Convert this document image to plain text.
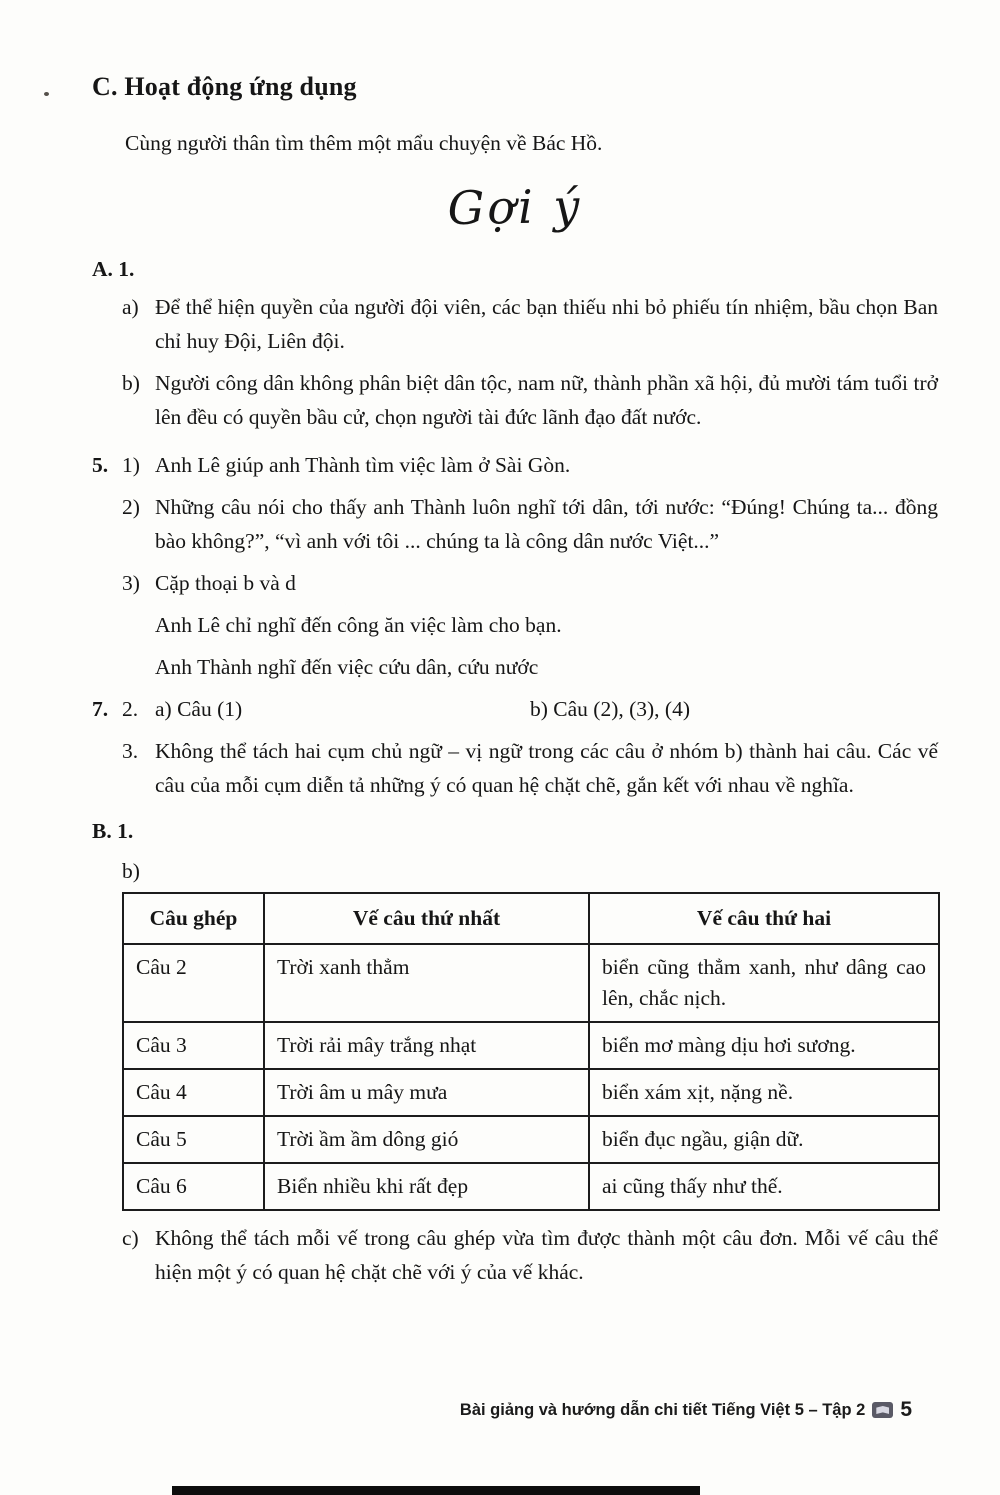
C. Hoạt động ứng dụng

Cùng người thân tìm thêm một mẩu chuyện về Bác Hồ.

Gợi ý
A. 1.
a) Để thể hiện quyền của người đội viên, các bạn thiếu nhi bỏ phiếu tín nhiệm, bầu chọn Ban chỉ huy Đội, Liên đội.
b) Người công dân không phân biệt dân tộc, nam nữ, thành phần xã hội, đủ mười tám tuổi trở lên đều có quyền bầu cử, chọn người tài đức lãnh đạo đất nước.
5. 1) Anh Lê giúp anh Thành tìm việc làm ở Sài Gòn.
2) Những câu nói cho thấy anh Thành luôn nghĩ tới dân, tới nước: “Đúng! Chúng ta... đồng bào không?”, “vì anh với tôi ... chúng ta là công dân nước Việt...”
3) Cặp thoại b và d

Anh Lê chỉ nghĩ đến công ăn việc làm cho bạn.

Anh Thành nghĩ đến việc cứu dân, cứu nước

7. 2. a) Câu (1)	b) Câu (2), (3), (4)
3. Không thể tách hai cụm chủ ngữ – vị ngữ trong các câu ở nhóm b) thành hai câu. Các vế câu của mỗi cụm diễn tả những ý có quan hệ chặt chẽ, gắn kết với nhau về nghĩa.
B. 1.
b)
Câu ghép	Vế câu thứ nhất	Vế câu thứ hai
Câu 2	Trời xanh thẳm	biển cũng thẳm xanh, như dâng cao lên, chắc nịch.
Câu 3	Trời rải mây trắng nhạt	biển mơ màng dịu hơi sương.
Câu 4	Trời âm u mây mưa	biển xám xịt, nặng nề.
Câu 5	Trời ầm ầm dông gió	biển đục ngầu, giận dữ.
Câu 6	Biển nhiều khi rất đẹp	ai cũng thấy như thế.
c) Không thể tách mỗi vế trong câu ghép vừa tìm được thành một câu đơn. Mỗi vế câu thể hiện một ý có quan hệ chặt chẽ với ý của vế khác.
Bài giảng và hướng dẫn chi tiết Tiếng Việt 5 – Tập 2 5
